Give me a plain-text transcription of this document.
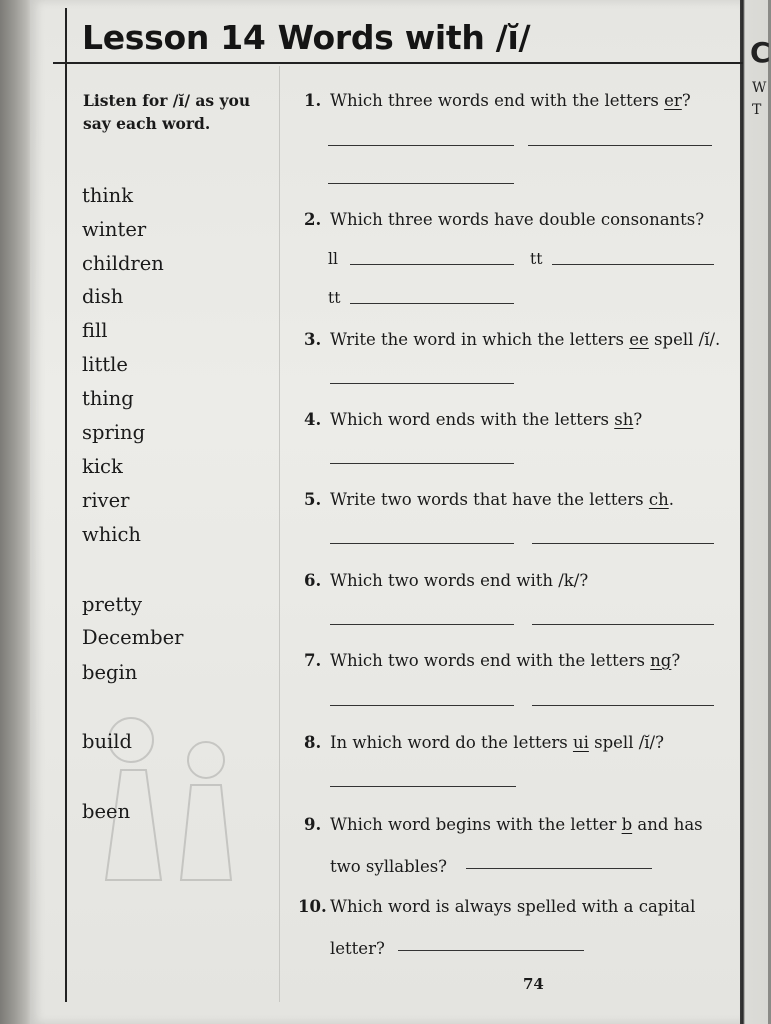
C
W
T
Lesson 14 Words with /ĭ/

Listen for /ĭ/ as you say each word.

think
winter
children
dish
fill
little
thing
spring
kick
river
which
pretty
December
begin
build
been
1. Which three words end with the letters er?
2. Which three words have double consonants?
ll	tt
tt
3. Write the word in which the letters ee spell /ĭ/.
4. Which word ends with the letters sh?
5. Write two words that have the letters ch.
6. Which two words end with /k/?
7. Which two words end with the letters ng?
8. In which word do the letters ui spell /ĭ/?
9. Which word begins with the letter b and has
two syllables?
10. Which word is always spelled with a capital
letter?
74
